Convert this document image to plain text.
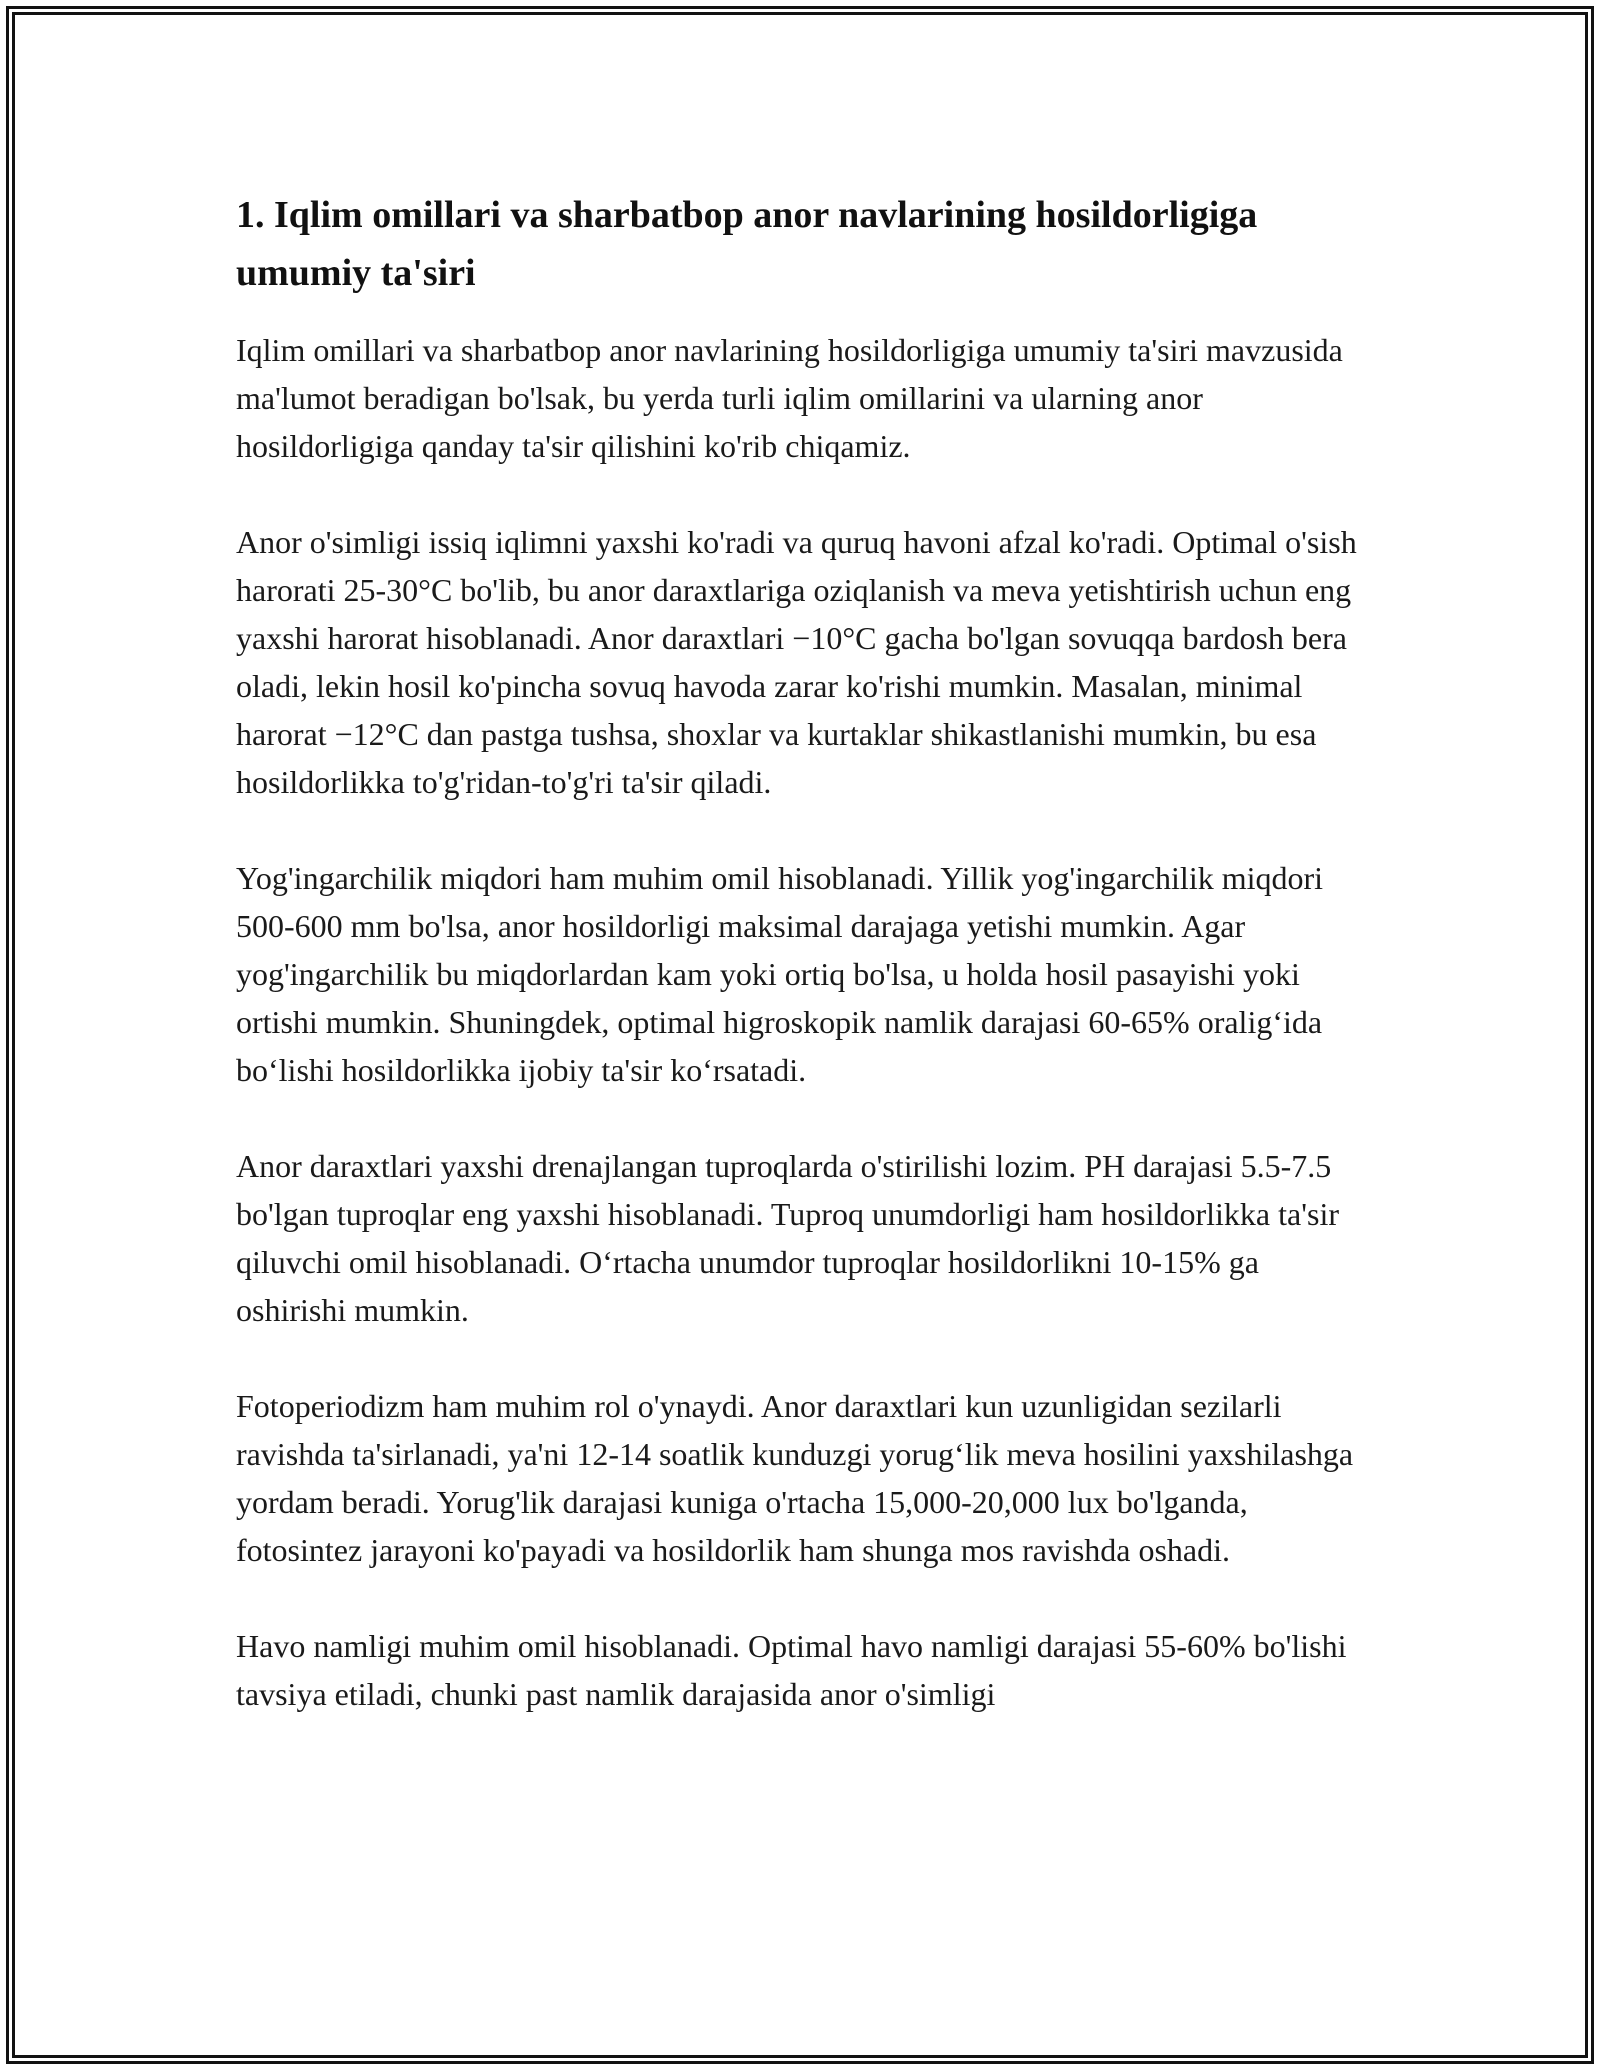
1. Iqlim omillari va sharbatbop anor navlarining hosildorligiga umumiy ta'siri

Iqlim omillari va sharbatbop anor navlarining hosildorligiga umumiy ta'siri mavzusida ma'lumot beradigan bo'lsak, bu yerda turli iqlim omillarini va ularning anor hosildorligiga qanday ta'sir qilishini ko'rib chiqamiz.

Anor o'simligi issiq iqlimni yaxshi ko'radi va quruq havoni afzal ko'radi. Optimal o'sish harorati 25-30°C bo'lib, bu anor daraxtlariga oziqlanish va meva yetishtirish uchun eng yaxshi harorat hisoblanadi. Anor daraxtlari −10°C gacha bo'lgan sovuqqa bardosh bera oladi, lekin hosil ko'pincha sovuq havoda zarar ko'rishi mumkin. Masalan, minimal harorat −12°C dan pastga tushsa, shoxlar va kurtaklar shikastlanishi mumkin, bu esa hosildorlikka to'g'ridan-to'g'ri ta'sir qiladi.

Yog'ingarchilik miqdori ham muhim omil hisoblanadi. Yillik yog'ingarchilik miqdori 500-600 mm bo'lsa, anor hosildorligi maksimal darajaga yetishi mumkin. Agar yog'ingarchilik bu miqdorlardan kam yoki ortiq bo'lsa, u holda hosil pasayishi yoki ortishi mumkin. Shuningdek, optimal higroskopik namlik darajasi 60-65% oralig‘ida bo‘lishi hosildorlikka ijobiy ta'sir ko‘rsatadi.

Anor daraxtlari yaxshi drenajlangan tuproqlarda o'stirilishi lozim. PH darajasi 5.5-7.5 bo'lgan tuproqlar eng yaxshi hisoblanadi. Tuproq unumdorligi ham hosildorlikka ta'sir qiluvchi omil hisoblanadi. O‘rtacha unumdor tuproqlar hosildorlikni 10-15% ga oshirishi mumkin.

Fotoperiodizm ham muhim rol o'ynaydi. Anor daraxtlari kun uzunligidan sezilarli ravishda ta'sirlanadi, ya'ni 12-14 soatlik kunduzgi yorug‘lik meva hosilini yaxshilashga yordam beradi. Yorug'lik darajasi kuniga o'rtacha 15,000-20,000 lux bo'lganda, fotosintez jarayoni ko'payadi va hosildorlik ham shunga mos ravishda oshadi.

Havo namligi muhim omil hisoblanadi. Optimal havo namligi darajasi 55-60% bo'lishi tavsiya etiladi, chunki past namlik darajasida anor o'simligi
